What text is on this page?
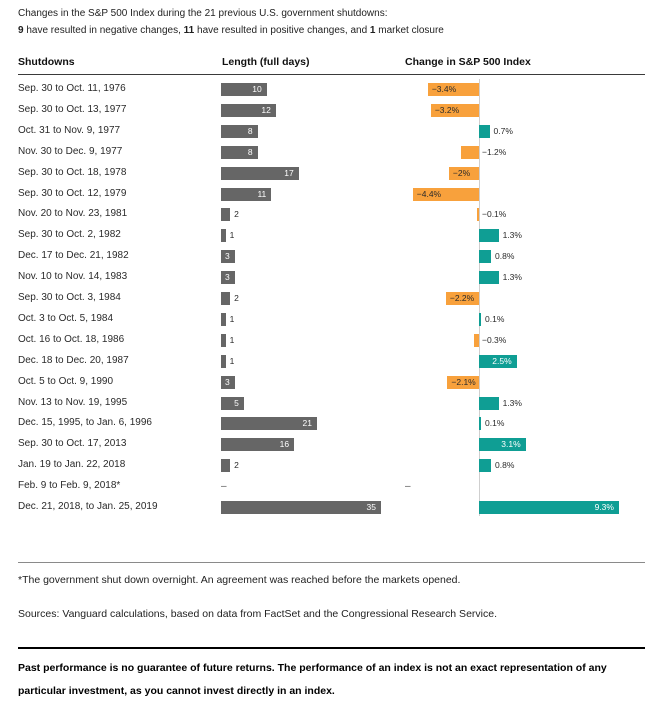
Changes in the S&P 500 Index during the 21 previous U.S. government shutdowns:
9 have resulted in negative changes, 11 have resulted in positive changes, and 1 market closure
Shutdowns	Length (full days)	Change in S&P 500 Index
Sep. 30 to Oct. 11, 1976	10	−3.4%
Sep. 30 to Oct. 13, 1977	12	−3.2%
Oct. 31 to Nov. 9, 1977	8	0.7%
Nov. 30 to Dec. 9, 1977	8	−1.2%
Sep. 30 to Oct. 18, 1978	17	−2%
Sep. 30 to Oct. 12, 1979	11	−4.4%
Nov. 20 to Nov. 23, 1981	2	−0.1%
Sep. 30 to Oct. 2, 1982	1	1.3%
Dec. 17 to Dec. 21, 1982	3	0.8%
Nov. 10 to Nov. 14, 1983	3	1.3%
Sep. 30 to Oct. 3, 1984	2	−2.2%
Oct. 3 to Oct. 5, 1984	1	0.1%
Oct. 16 to Oct. 18, 1986	1	−0.3%
Dec. 18 to Dec. 20, 1987	1	2.5%
Oct. 5 to Oct. 9, 1990	3	−2.1%
Nov. 13 to Nov. 19, 1995	5	1.3%
Dec. 15, 1995, to Jan. 6, 1996	21	0.1%
Sep. 30 to Oct. 17, 2013	16	3.1%
Jan. 19 to Jan. 22, 2018	2	0.8%
Feb. 9 to Feb. 9, 2018*	–	–
Dec. 21, 2018, to Jan. 25, 2019	35	9.3%
*The government shut down overnight. An agreement was reached before the markets opened.
Sources: Vanguard calculations, based on data from FactSet and the Congressional Research Service.
Past performance is no guarantee of future returns. The performance of an index is not an exact representation of any particular investment, as you cannot invest directly in an index.
